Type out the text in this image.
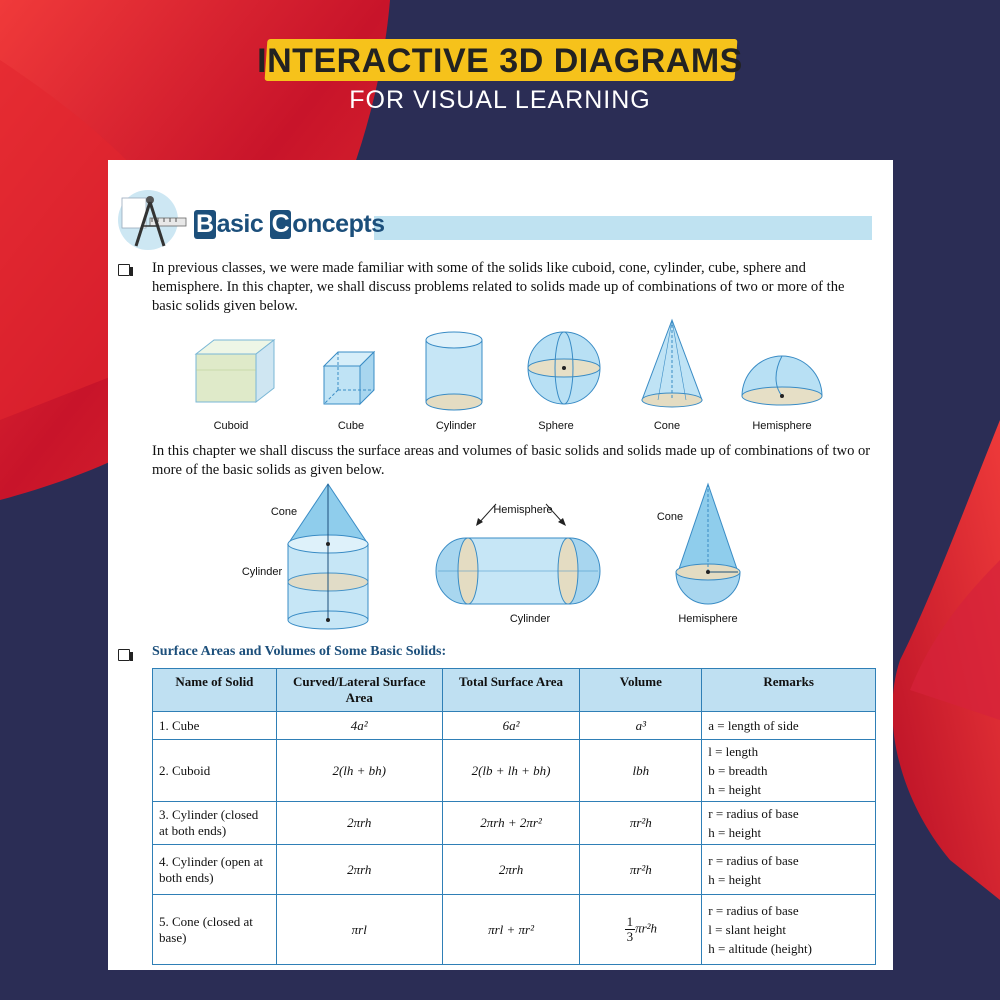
INTERACTIVE 3D DIAGRAMS
FOR VISUAL LEARNING
B asic C oncepts
In previous classes, we were made familiar with some of the solids like cuboid, cone, cylinder, cube, sphere and hemisphere. In this chapter, we shall discuss problems related to solids made up of combinations of two or more of the basic solids given below.
Cuboid	Cube	Cylinder	Sphere	Cone	Hemisphere
In this chapter we shall discuss the surface areas and volumes of basic solids and solids made up of combinations of two or more of the basic solids as given below.
Cone
Cylinder
Hemisphere
Cylinder
Cone
Hemisphere
Surface Areas and Volumes of Some Basic Solids:
Name of Solid	Curved/Lateral Surface Area	Total Surface Area	Volume	Remarks
1. Cube	4a²	6a²	a³	a = length of side

2. Cuboid	2(lh + bh)	2(lb + lh + bh)	lbh	l = length
b = breadth
h = height

3. Cylinder (closed at both ends)	2πrh	2πrh + 2πr²	πr²h	r = radius of base
h = height

4. Cylinder (open at both ends)	2πrh	2πrh	πr²h	r = radius of base
h = height

5. Cone (closed at base)	πrl	πrl + πr²	$\frac{1}{3} \pi r^2h$	r = radius of base
l = slant height
h = altitude (height)
